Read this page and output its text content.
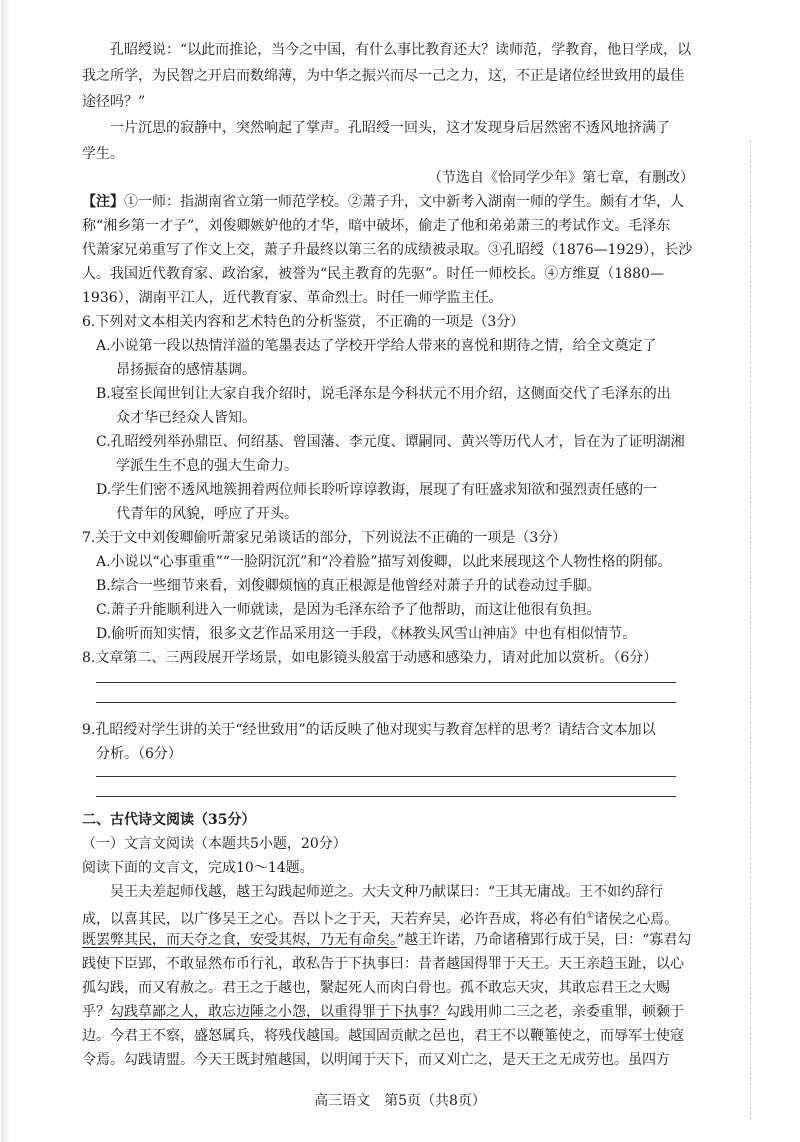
孔昭绶说：“以此而推论，当今之中国，有什么事比教育还大？读师范，学教育，他日学成，以

我之所学，为民智之开启而数绵薄，为中华之振兴而尽一己之力，这，不正是诸位经世致用的最佳

途径吗？”

一片沉思的寂静中，突然响起了掌声。孔昭绶一回头，这才发现身后居然密不透风地挤满了

学生。

（节选自《恰同学少年》第七章，有删改）

【注】①一师：指湖南省立第一师范学校。②萧子升，文中新考入湖南一师的学生。颇有才华，人

称“湘乡第一才子”，刘俊卿嫉妒他的才华，暗中破坏，偷走了他和弟弟萧三的考试作文。毛泽东

代萧家兄弟重写了作文上交，萧子升最终以第三名的成绩被录取。③孔昭绶（1876—1929），长沙

人。我国近代教育家、政治家，被誉为“民主教育的先驱”。时任一师校长。④方维夏（1880—

1936），湖南平江人，近代教育家、革命烈士。时任一师学监主任。

6.下列对文本相关内容和艺术特色的分析鉴赏，不正确的一项是（3分）

A.小说第一段以热情洋溢的笔墨表达了学校开学给人带来的喜悦和期待之情，给全文奠定了

昂扬振奋的感情基调。

B.寝室长闻世钊让大家自我介绍时，说毛泽东是今科状元不用介绍，这侧面交代了毛泽东的出

众才华已经众人皆知。

C.孔昭绶列举孙鼎臣、何绍基、曾国藩、李元度、谭嗣同、黄兴等历代人才，旨在为了证明湖湘

学派生生不息的强大生命力。

D.学生们密不透风地簇拥着两位师长聆听谆谆教诲，展现了有旺盛求知欲和强烈责任感的一

代青年的风貌，呼应了开头。

7.关于文中刘俊卿偷听萧家兄弟谈话的部分，下列说法不正确的一项是（3分）

A.小说以“心事重重”“一脸阴沉沉”和“冷着脸”描写刘俊卿，以此来展现这个人物性格的阴郁。

B.综合一些细节来看，刘俊卿烦恼的真正根源是他曾经对萧子升的试卷动过手脚。

C.萧子升能顺利进入一师就读，是因为毛泽东给予了他帮助，而这让他很有负担。

D.偷听而知实情，很多文艺作品采用这一手段，《林教头风雪山神庙》中也有相似情节。

8.文章第二、三两段展开学场景，如电影镜头般富于动感和感染力，请对此加以赏析。（6分）

9.孔昭绶对学生讲的关于“经世致用”的话反映了他对现实与教育怎样的思考？请结合文本加以

分析。（6分）

二、古代诗文阅读（35分）

（一）文言文阅读（本题共5小题，20分）

阅读下面的文言文，完成10～14题。

吴王夫差起师伐越，越王勾践起师逆之。大夫文种乃献谋曰：“王其无庸战。王不如约辞行

成，以喜其民，以广侈吴王之心。吾以卜之于天，天若弃吴，必许吾成，将必有伯①诸侯之心焉。

既罢弊其民，而天夺之食，安受其烬，乃无有命矣。”越王许诺，乃命诸稽郢行成于吴，曰：“寡君勾

践使下臣郢，不敢显然布币行礼，敢私告于下执事曰：昔者越国得罪于天王。天王亲趋玉趾，以心

孤勾践，而又宥赦之。君王之于越也，繄起死人而肉白骨也。孤不敢忘天灾，其敢忘君王之大赐

乎？勾践草鄙之人，敢忘边陲之小怨，以重得罪于下执事？勾践用帅二三之老，亲委重罪，顿颡于

边。今君王不察，盛怒属兵，将残伐越国。越国固贡献之邑也，君王不以鞭箠使之，而辱军士使寇

令焉。勾践请盟。今天王既封殖越国，以明闻于天下，而又刈亡之，是天王之无成劳也。虽四方

高三语文　第5页（共8页）
